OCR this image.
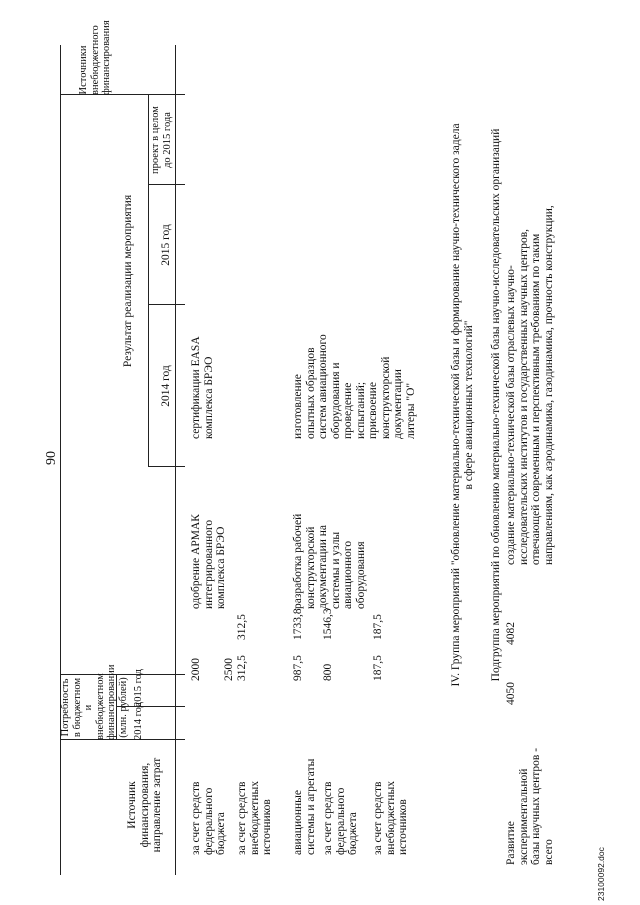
90
Источник
финансирования,
направление затрат
Потребность
в бюджетном и
внебюджетном
финансировании
(млн. рублей)
2014 год
2015 год
Результат реализации мероприятия
2014 год
2015 год
проект в целом
до 2015 года
Источники
внебюджетного
финансирования
за счет средств
федерального
бюджета
2000
одобрение АРМАК
интегрированного
комплекса БРЭО
сертификации EASA
комплекса БРЭО
за счет средств
внебюджетных
источников
312,5
авиационные
системы и агрегаты
987,5
разработка рабочей
конструкторской
документации на
системы и узлы
авиационного
оборудования
изготовление
опытных образцов
систем авиационного
оборудования и
проведение
испытаний;
присвоение
конструкторской
документации
литеры "О"
за счет средств
федерального
бюджета
800
за счет средств
внебюджетных
источников
187,5	IV. Группа мероприятий "обновление материально-технической базы и формирование научно-технического задела
в сфере авиационных технологий" Подгруппа мероприятий по обновлению материально-технической базы научно-исследовательских организаций
Развитие
экспериментальной
базы научных центров -
всего
4050
4082
создание материально-технической базы отраслевых научно-
исследовательских институтов и государственных научных центров,
отвечающей современным и перспективным требованиям по таким
направлениям, как аэродинамика, газодинамика, прочность конструкции,
23100092.doc
2500
1733,8 1546,3	187,5
312,5
